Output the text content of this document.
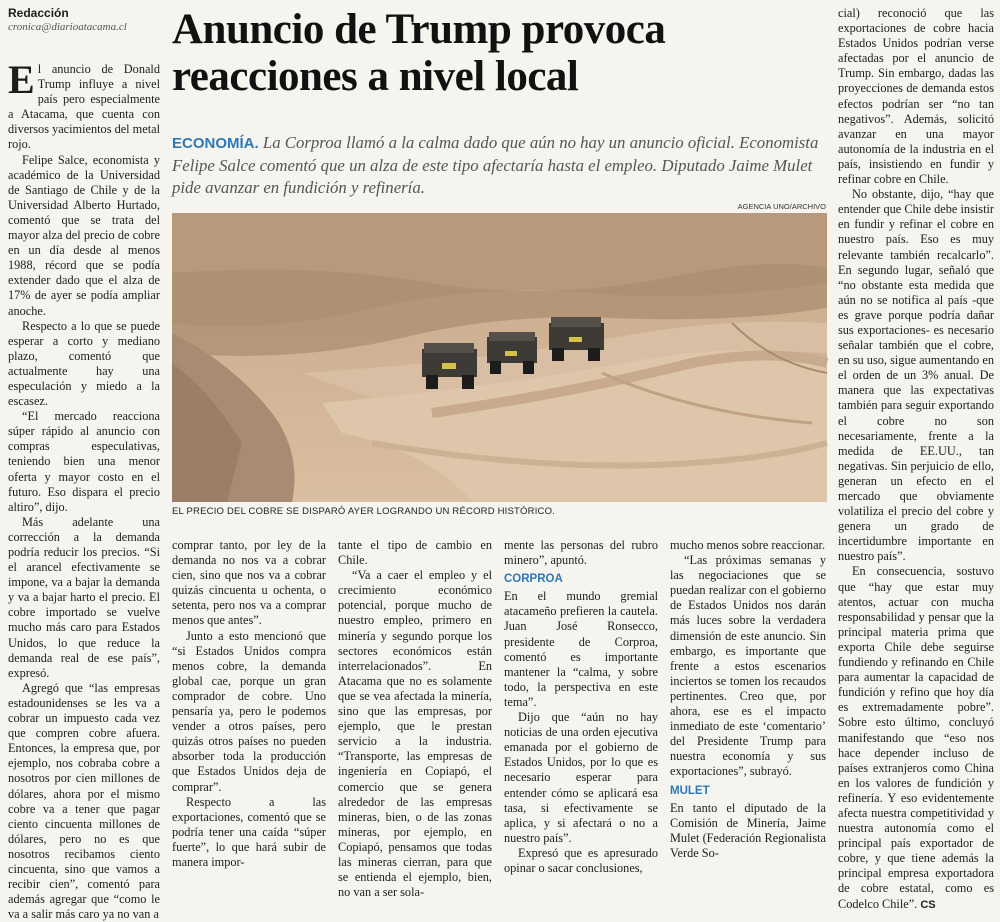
Redacción
cronica@diarioatacama.cl	Anuncio de Trump provoca reacciones a nivel local
ECONOMÍA. La Corproa llamó a la calma dado que aún no hay un anuncio oficial. Economista Felipe Salce comentó que un alza de este tipo afectaría hasta el empleo. Diputado Jaime Mulet pide avanzar en fundición y refinería.
AGENCIA UNO/ARCHIVO
EL PRECIO DEL COBRE SE DISPARÓ AYER LOGRANDO UN RÉCORD HISTÓRICO.

El anuncio de Donald Trump influye a nivel país pero especialmente a Atacama, que cuenta con diversos yacimientos del metal rojo.

Felipe Salce, economista y académico de la Universidad de Santiago de Chile y de la Universidad Alberto Hurtado, comentó que se trata del mayor alza del precio de cobre en un día desde al menos 1988, récord que se podía extender dado que el alza de 17% de ayer se podía ampliar anoche.

Respecto a lo que se puede esperar a corto y mediano plazo, comentó que actualmente hay una especulación y miedo a la escasez.

“El mercado reacciona súper rápido al anuncio con compras especulativas, teniendo bien una menor oferta y mayor costo en el futuro. Eso dispara el precio altiro”, dijo.

Más adelante una corrección a la demanda podría reducir los precios. “Si el arancel efectivamente se impone, va a bajar la demanda y va a bajar harto el precio. El cobre importado se vuelve mucho más caro para Estados Unidos, lo que reduce la demanda real de ese país”, expresó.

Agregó que “las empresas estadounidenses se les va a cobrar un impuesto cada vez que compren cobre afuera. Entonces, la empresa que, por ejemplo, nos cobraba cobre a nosotros por cien millones de dólares, ahora por el mismo cobre va a tener que pagar ciento cincuenta millones de dólares, pero no es que nosotros recibamos ciento cincuenta, sino que vamos a recibir cien”, comentó para además agregar que “como le va a salir más caro ya no van a

comprar tanto, por ley de la demanda no nos va a cobrar cien, sino que nos va a cobrar quizás cincuenta u ochenta, o setenta, pero nos va a comprar menos que antes”.

Junto a esto mencionó que “si Estados Unidos compra menos cobre, la demanda global cae, porque un gran comprador de cobre. Uno pensaría ya, pero le podemos vender a otros países, pero quizás otros países no pueden absorber toda la producción que Estados Unidos deja de comprar”.

Respecto a las exportaciones, comentó que se podría tener una caída “súper fuerte”, lo que hará subir de manera impor-

tante el tipo de cambio en Chile.

“Va a caer el empleo y el crecimiento económico potencial, porque mucho de nuestro empleo, primero en minería y segundo porque los sectores económicos están interrelacionados”. En Atacama que no es solamente que se vea afectada la minería, sino que las empresas, por ejemplo, que le prestan servicio a la industria. “Transporte, las empresas de ingeniería en Copiapó, el comercio que se genera alrededor de las empresas mineras, bien, o de las zonas mineras, por ejemplo, en Copiapó, pensamos que todas las mineras cierran, para que se entienda el ejemplo, bien, no van a ser sola-

mente las personas del rubro minero”, apuntó.

CORPROA

En el mundo gremial atacameño prefieren la cautela. Juan José Ronsecco, presidente de Corproa, comentó es importante mantener la “calma, y sobre todo, la perspectiva en este tema”.

Dijo que “aún no hay noticias de una orden ejecutiva emanada por el gobierno de Estados Unidos, por lo que es necesario esperar para entender cómo se aplicará esa tasa, si efectivamente se aplica, y si afectará o no a nuestro país”.

Expresó que es apresurado opinar o sacar conclusiones,

mucho menos sobre reaccionar.

“Las próximas semanas y las negociaciones que se puedan realizar con el gobierno de Estados Unidos nos darán más luces sobre la verdadera dimensión de este anuncio. Sin embargo, es importante que frente a estos escenarios inciertos se tomen los recaudos pertinentes. Creo que, por ahora, ese es el impacto inmediato de este ‘comentario’ del Presidente Trump para nuestra economía y sus exportaciones”, subrayó.

MULET

En tanto el diputado de la Comisión de Minería, Jaime Mulet (Federación Regionalista Verde So-

cial) reconoció que las exportaciones de cobre hacia Estados Unidos podrían verse afectadas por el anuncio de Trump. Sin embargo, dadas las proyecciones de demanda estos efectos podrían ser “no tan negativos”. Además, solicitó avanzar en una mayor autonomía de la industria en el país, insistiendo en fundir y refinar cobre en Chile.

No obstante, dijo, “hay que entender que Chile debe insistir en fundir y refinar el cobre en nuestro país. Eso es muy relevante también recalcarlo”. En segundo lugar, señaló que “no obstante esta medida que aún no se notifica al país -que es grave porque podría dañar sus exportaciones- es necesario señalar también que el cobre, en su uso, sigue aumentando en el orden de un 3% anual. De manera que las expectativas también para seguir exportando el cobre no son necesariamente, frente a la medida de EE.UU., tan negativas. Sin perjuicio de ello, generan un efecto en el mercado que obviamente volatiliza el precio del cobre y genera un grado de incertidumbre importante en nuestro país”.

En consecuencia, sostuvo que “hay que estar muy atentos, actuar con mucha responsabilidad y pensar que la principal materia prima que exporta Chile debe seguirse fundiendo y refinando en Chile para aumentar la capacidad de fundición y refino que hoy día es extremadamente pobre”. Sobre esto último, concluyó manifestando que “eso nos hace depender incluso de países extranjeros como China en los valores de fundición y refinería. Y eso evidentemente afecta nuestra competitividad y nuestra autonomía como el principal país exportador de cobre, y que tiene además la principal empresa exportadora de cobre estatal, como es Codelco Chile”. CS
